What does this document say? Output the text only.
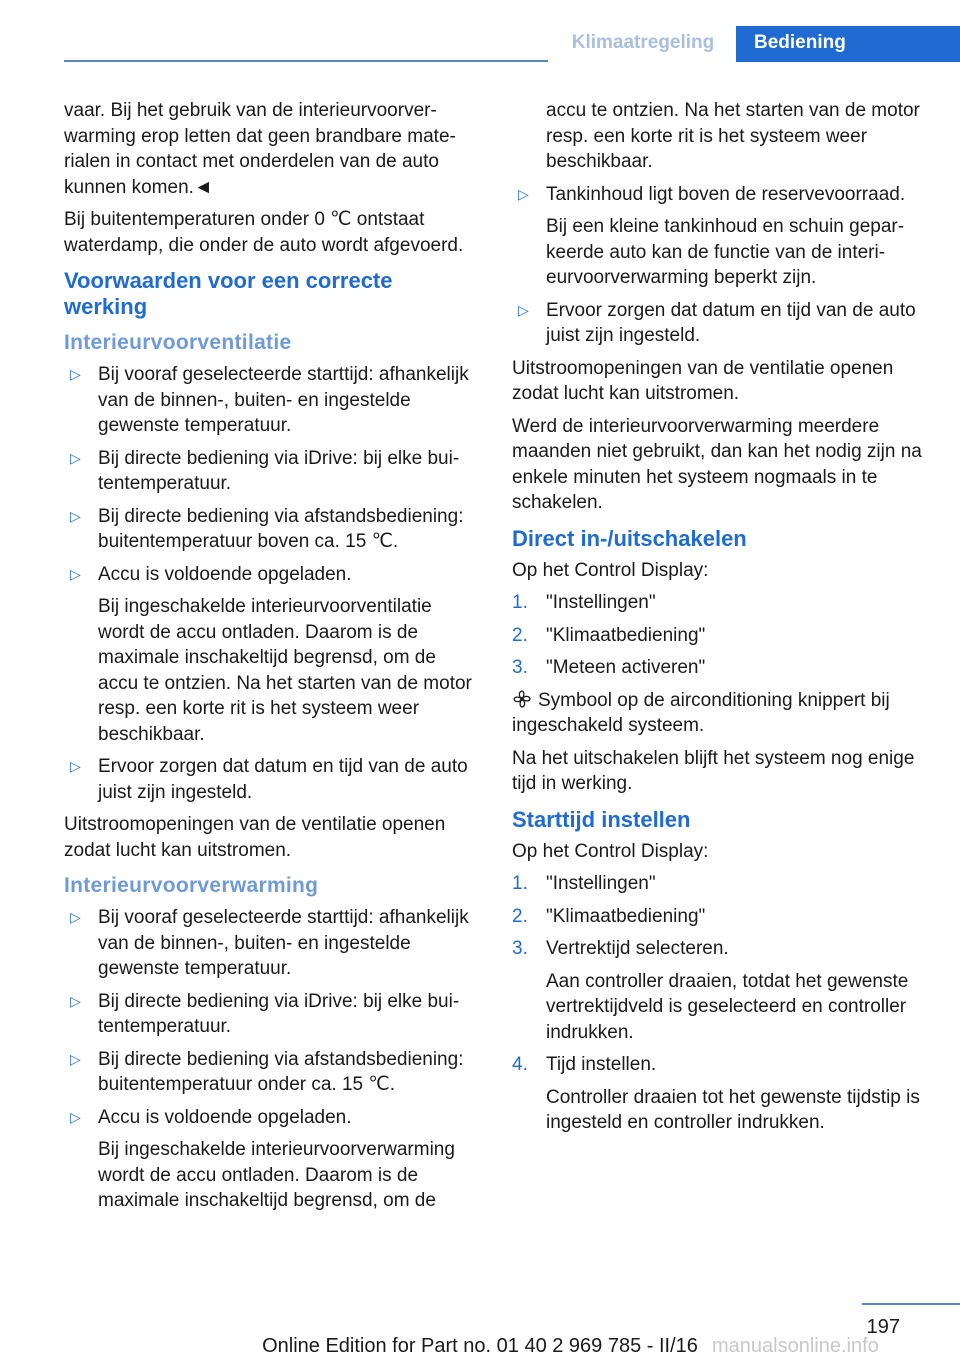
Klimaatregeling	Bediening

vaar. Bij het gebruik van de interieurvoorverwarming erop letten dat geen brandbare materialen in contact met onderdelen van de auto kunnen komen.◄

Bij buitentemperaturen onder 0 ℃ ontstaat waterdamp, die onder de auto wordt afgevoerd.

Voorwaarden voor een correcte werking
Interieurvoorventilatie
▷ Bij vooraf geselecteerde starttijd: afhankelijk van de binnen-, buiten- en ingestelde gewenste temperatuur.
▷ Bij directe bediening via iDrive: bij elke buitentemperatuur.
▷ Bij directe bediening via afstandsbediening: buitentemperatuur boven ca. 15 ℃.
▷ Accu is voldoende opgeladen.

Bij ingeschakelde interieurvoorventilatie wordt de accu ontladen. Daarom is de maximale inschakeltijd begrensd, om de accu te ontzien. Na het starten van de motor resp. een korte rit is het systeem weer beschikbaar.

▷ Ervoor zorgen dat datum en tijd van de auto juist zijn ingesteld.

Uitstroomopeningen van de ventilatie openen zodat lucht kan uitstromen.

Interieurvoorverwarming
▷ Bij vooraf geselecteerde starttijd: afhankelijk van de binnen-, buiten- en ingestelde gewenste temperatuur.
▷ Bij directe bediening via iDrive: bij elke buitentemperatuur.
▷ Bij directe bediening via afstandsbediening: buitentemperatuur onder ca. 15 ℃.
▷ Accu is voldoende opgeladen.

Bij ingeschakelde interieurvoorverwarming wordt de accu ontladen. Daarom is de maximale inschakeltijd begrensd, om de

accu te ontzien. Na het starten van de motor resp. een korte rit is het systeem weer beschikbaar.

▷ Tankinhoud ligt boven de reservevoorraad.

Bij een kleine tankinhoud en schuin geparkeerde auto kan de functie van de interieurvoorverwarming beperkt zijn.

▷ Ervoor zorgen dat datum en tijd van de auto juist zijn ingesteld.

Uitstroomopeningen van de ventilatie openen zodat lucht kan uitstromen.

Werd de interieurvoorverwarming meerdere maanden niet gebruikt, dan kan het nodig zijn na enkele minuten het systeem nogmaals in te schakelen.

Direct in-/uitschakelen

Op het Control Display:

1. "Instellingen"
2. "Klimaatbediening"
3. "Meteen activeren"

Symbool op de airconditioning knippert bij ingeschakeld systeem.

Na het uitschakelen blijft het systeem nog enige tijd in werking.

Starttijd instellen

Op het Control Display:

1. "Instellingen"
2. "Klimaatbediening"
3. Vertrektijd selecteren.

Aan controller draaien, totdat het gewenste vertrektijdveld is geselecteerd en controller indrukken.

4. Tijd instellen.

Controller draaien tot het gewenste tijdstip is ingesteld en controller indrukken.

197
Online Edition for Part no. 01 40 2 969 785 - II/16 manualsonline.info
